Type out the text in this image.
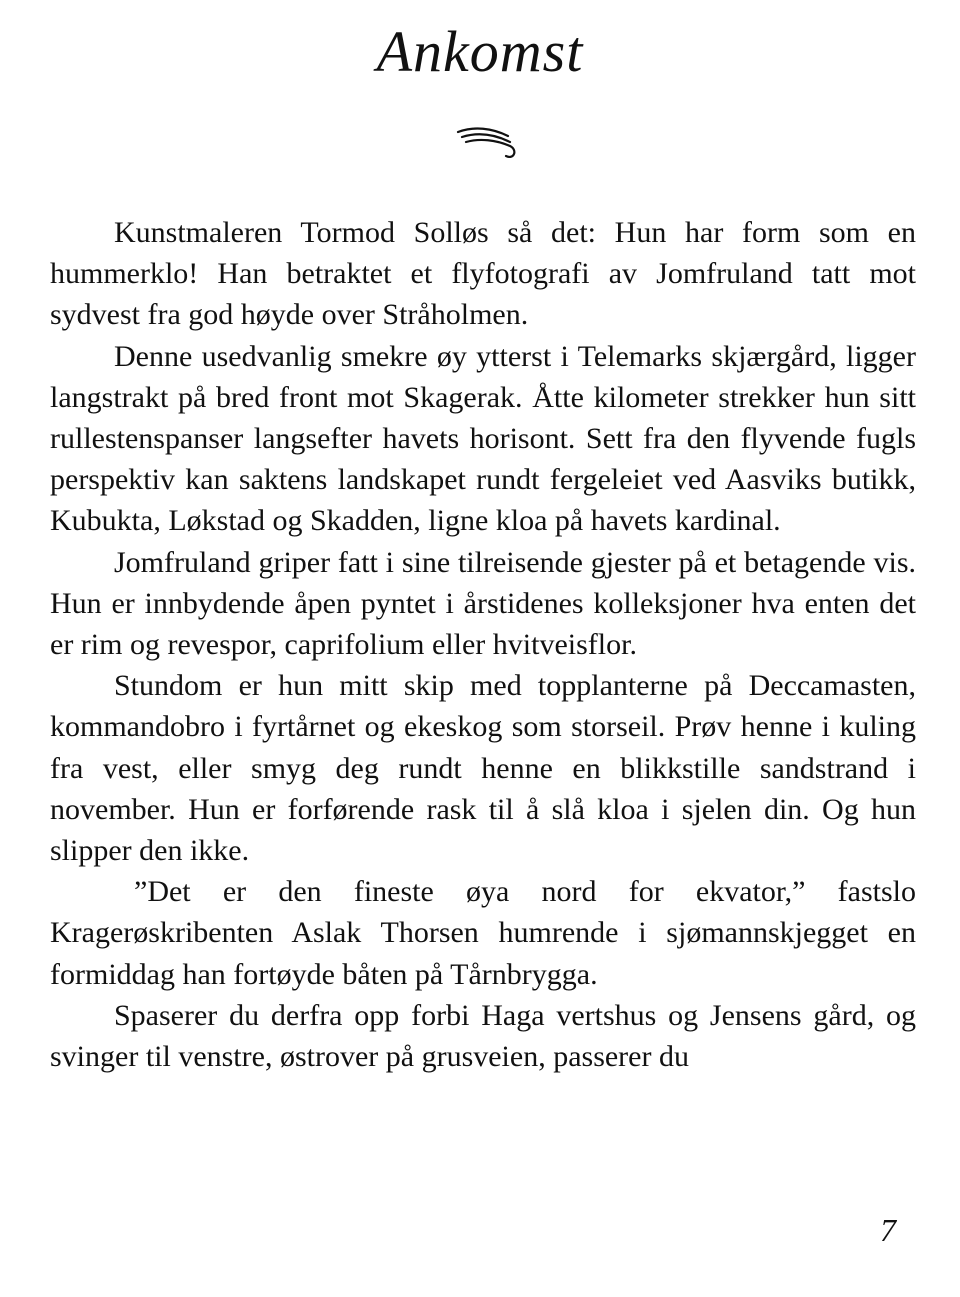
Ankomst

Kunstmaleren Tormod Solløs så det: Hun har form som en hummerklo! Han betraktet et flyfotografi av Jomfruland tatt mot sydvest fra god høyde over Stråholmen.

Denne usedvanlig smekre øy ytterst i Telemarks skjærgård, ligger langstrakt på bred front mot Skagerak. Åtte kilometer strekker hun sitt rullestenspanser langsefter havets horisont. Sett fra den flyvende fugls perspektiv kan saktens landskapet rundt fergeleiet ved Aasviks butikk, Kubukta, Løkstad og Skadden, ligne kloa på havets kardinal.

Jomfruland griper fatt i sine tilreisende gjester på et betagende vis. Hun er innbydende åpen pyntet i årstidenes kolleksjoner hva enten det er rim og revespor, caprifolium eller hvitveisflor.

Stundom er hun mitt skip med topplanterne på Deccamasten, kommandobro i fyrtårnet og ekeskog som storseil. Prøv henne i kuling fra vest, eller smyg deg rundt henne en blikkstille sandstrand i november. Hun er forførende rask til å slå kloa i sjelen din. Og hun slipper den ikke.

”Det er den fineste øya nord for ekvator,” fastslo Kragerøskribenten Aslak Thorsen humrende i sjømannskjegget en formiddag han fortøyde båten på Tårnbrygga.

Spaserer du derfra opp forbi Haga vertshus og Jensens gård, og svinger til venstre, østrover på grusveien, passerer du

7
